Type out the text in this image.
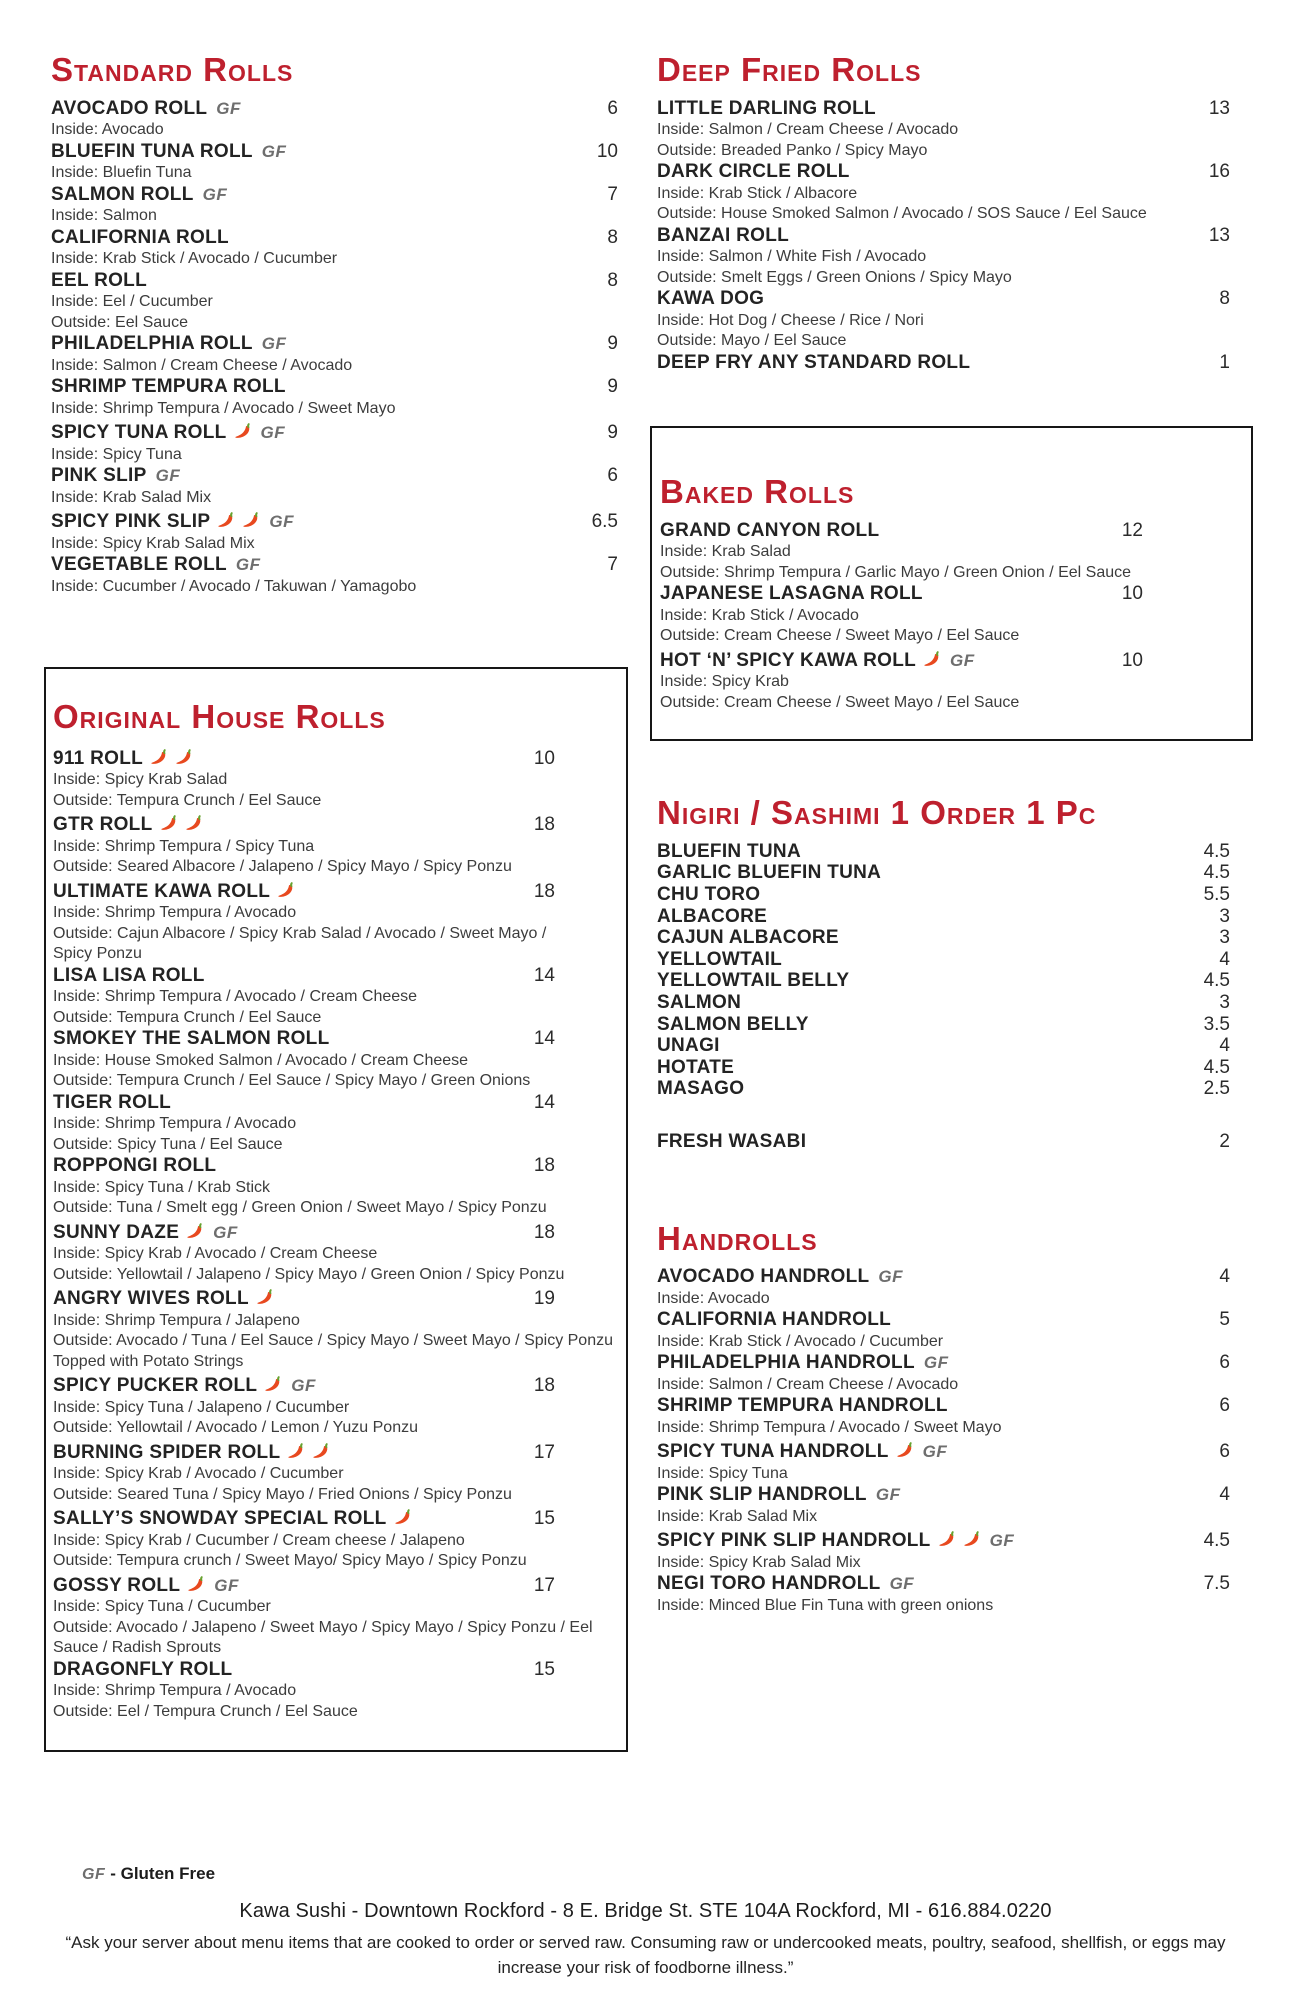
Standard Rolls
AVOCADO ROLL GF	6
Inside: Avocado
BLUEFIN TUNA ROLL GF	10
Inside: Bluefin Tuna
SALMON ROLL GF	7
Inside: Salmon
CALIFORNIA ROLL	8
Inside: Krab Stick / Avocado / Cucumber
EEL ROLL	8
Inside: Eel / Cucumber
Outside: Eel Sauce
PHILADELPHIA ROLL GF	9
Inside: Salmon / Cream Cheese / Avocado
SHRIMP TEMPURA ROLL	9
Inside: Shrimp Tempura / Avocado / Sweet Mayo
SPICY TUNA ROLL GF	9
Inside: Spicy Tuna
PINK SLIP GF	6
Inside: Krab Salad Mix
SPICY PINK SLIP	GF	6.5
Inside: Spicy Krab Salad Mix
VEGETABLE ROLL GF	7
Inside: Cucumber / Avocado / Takuwan / Yamagobo
Original House Rolls
911 ROLL	10
Inside: Spicy Krab Salad
Outside: Tempura Crunch / Eel Sauce
GTR ROLL	18
Inside: Shrimp Tempura / Spicy Tuna
Outside: Seared Albacore / Jalapeno / Spicy Mayo / Spicy Ponzu
ULTIMATE KAWA ROLL	18
Inside: Shrimp Tempura / Avocado
Outside: Cajun Albacore / Spicy Krab Salad / Avocado / Sweet Mayo /
Spicy Ponzu
LISA LISA ROLL	14
Inside: Shrimp Tempura / Avocado / Cream Cheese
Outside: Tempura Crunch / Eel Sauce
SMOKEY THE SALMON ROLL	14
Inside: House Smoked Salmon / Avocado / Cream Cheese
Outside: Tempura Crunch / Eel Sauce / Spicy Mayo / Green Onions
TIGER ROLL	14
Inside: Shrimp Tempura / Avocado
Outside: Spicy Tuna / Eel Sauce
ROPPONGI ROLL	18
Inside: Spicy Tuna / Krab Stick
Outside: Tuna / Smelt egg / Green Onion / Sweet Mayo / Spicy Ponzu
SUNNY DAZE GF	18
Inside: Spicy Krab / Avocado / Cream Cheese
Outside: Yellowtail / Jalapeno / Spicy Mayo / Green Onion / Spicy Ponzu
ANGRY WIVES ROLL	19
Inside: Shrimp Tempura / Jalapeno
Outside: Avocado / Tuna / Eel Sauce / Spicy Mayo / Sweet Mayo / Spicy Ponzu
Topped with Potato Strings
SPICY PUCKER ROLL GF	18
Inside: Spicy Tuna / Jalapeno / Cucumber
Outside: Yellowtail / Avocado / Lemon / Yuzu Ponzu
BURNING SPIDER ROLL	17
Inside: Spicy Krab / Avocado / Cucumber
Outside: Seared Tuna / Spicy Mayo / Fried Onions / Spicy Ponzu
SALLY’S SNOWDAY SPECIAL ROLL	15
Inside: Spicy Krab / Cucumber / Cream cheese / Jalapeno
Outside: Tempura crunch / Sweet Mayo/ Spicy Mayo / Spicy Ponzu
GOSSY ROLL GF	17
Inside: Spicy Tuna / Cucumber
Outside: Avocado / Jalapeno / Sweet Mayo / Spicy Mayo / Spicy Ponzu / Eel
Sauce / Radish Sprouts
DRAGONFLY ROLL	15
Inside: Shrimp Tempura / Avocado
Outside: Eel / Tempura Crunch / Eel Sauce
Deep Fried Rolls
LITTLE DARLING ROLL	13
Inside: Salmon / Cream Cheese / Avocado
Outside: Breaded Panko / Spicy Mayo
DARK CIRCLE ROLL	16
Inside: Krab Stick / Albacore
Outside: House Smoked Salmon / Avocado / SOS Sauce / Eel Sauce
BANZAI ROLL	13
Inside: Salmon / White Fish / Avocado
Outside: Smelt Eggs / Green Onions / Spicy Mayo
KAWA DOG	8
Inside: Hot Dog / Cheese / Rice / Nori
Outside: Mayo / Eel Sauce
DEEP FRY ANY STANDARD ROLL	1
Baked Rolls
GRAND CANYON ROLL	12
Inside: Krab Salad
Outside: Shrimp Tempura / Garlic Mayo / Green Onion / Eel Sauce
JAPANESE LASAGNA ROLL	10
Inside: Krab Stick / Avocado
Outside: Cream Cheese / Sweet Mayo / Eel Sauce
HOT ‘N’ SPICY KAWA ROLL GF	10
Inside: Spicy Krab
Outside: Cream Cheese / Sweet Mayo / Eel Sauce
Nigiri / Sashimi 1 Order 1 Pc
BLUEFIN TUNA	4.5
GARLIC BLUEFIN TUNA	4.5
CHU TORO	5.5
ALBACORE	3
CAJUN ALBACORE	3
YELLOWTAIL	4
YELLOWTAIL BELLY	4.5
SALMON	3
SALMON BELLY	3.5
UNAGI	4
HOTATE	4.5
MASAGO	2.5
FRESH WASABI	2
Handrolls
AVOCADO HANDROLL GF	4
Inside: Avocado
CALIFORNIA HANDROLL	5
Inside: Krab Stick / Avocado / Cucumber
PHILADELPHIA HANDROLL GF	6
Inside: Salmon / Cream Cheese / Avocado
SHRIMP TEMPURA HANDROLL	6
Inside: Shrimp Tempura / Avocado / Sweet Mayo
SPICY TUNA HANDROLL GF	6
Inside: Spicy Tuna
PINK SLIP HANDROLL GF	4
Inside: Krab Salad Mix
SPICY PINK SLIP HANDROLL	GF	4.5
Inside: Spicy Krab Salad Mix
NEGI TORO HANDROLL GF	7.5
Inside: Minced Blue Fin Tuna with green onions
GF - Gluten Free
Kawa Sushi - Downtown Rockford - 8 E. Bridge St. STE 104A Rockford, MI - 616.884.0220
“Ask your server about menu items that are cooked to order or served raw. Consuming raw or undercooked meats, poultry, seafood, shellfish, or eggs may
increase your risk of foodborne illness.”
